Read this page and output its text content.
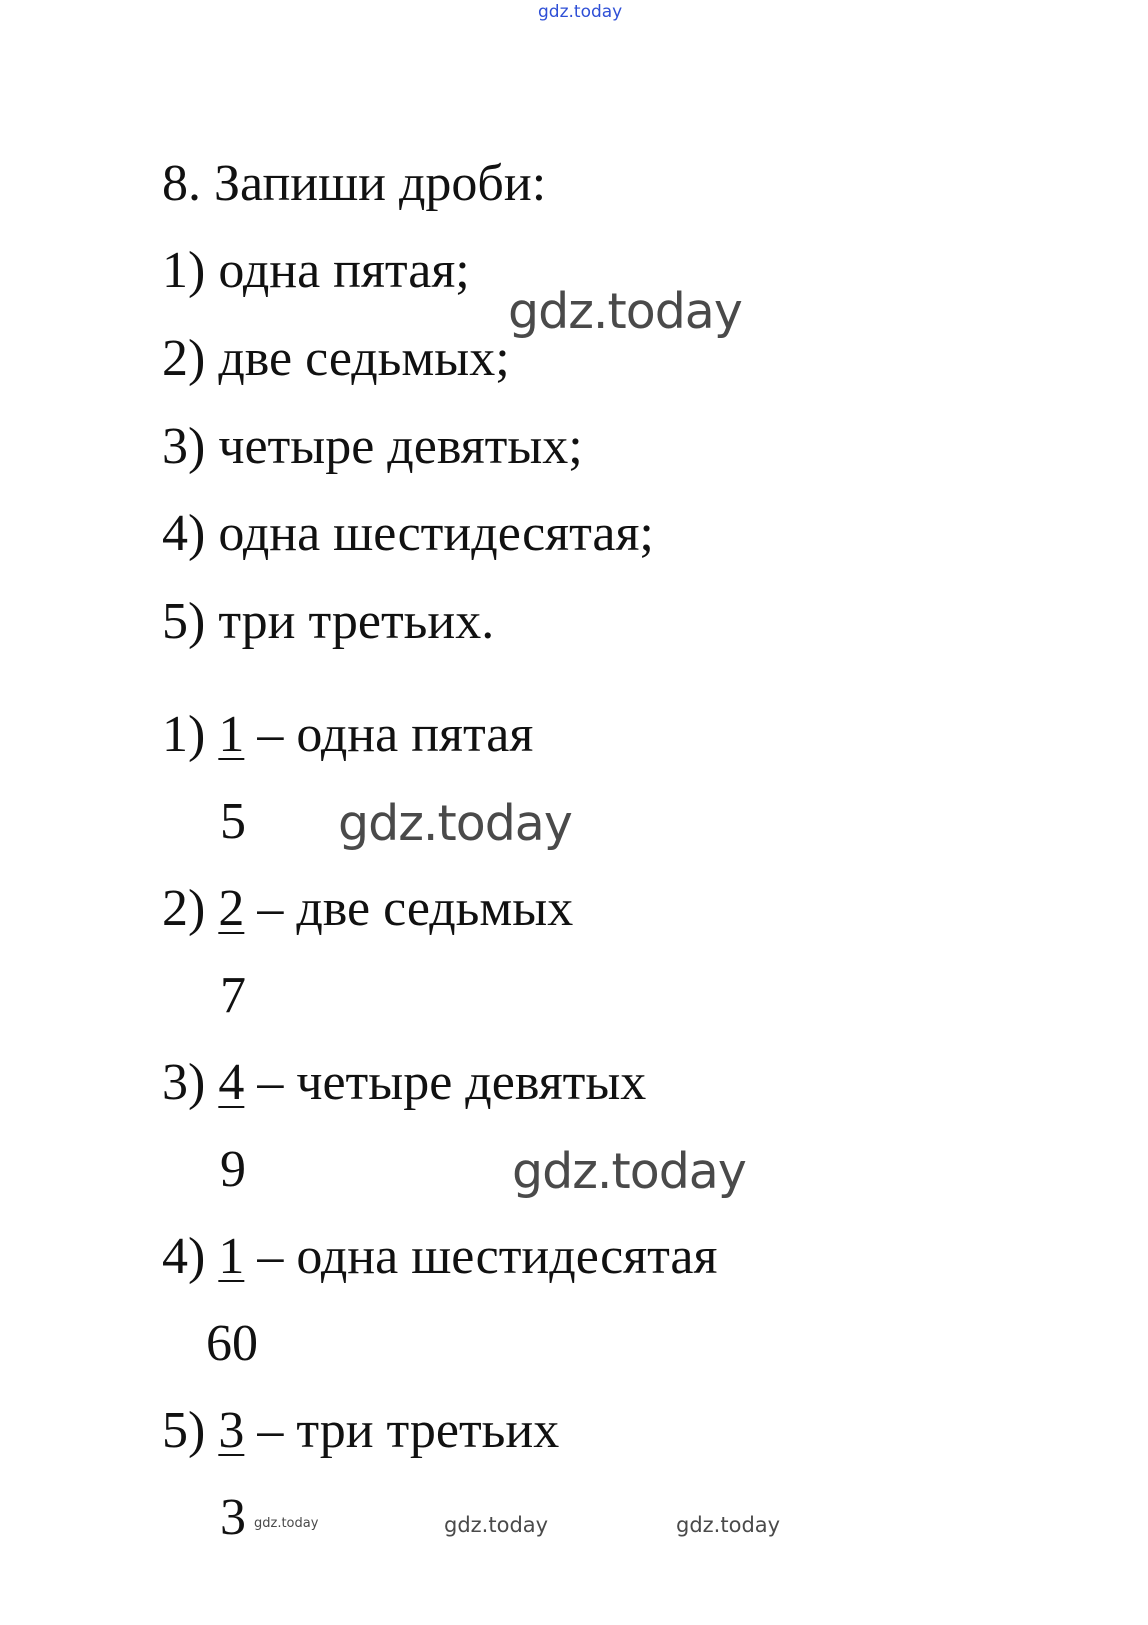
gdz.today
gdz.today
gdz.today
gdz.today
gdz.today	gdz.today	gdz.today
8. Запиши дроби:
1) одна пятая;
2) две седьмых;
3) четыре девятых;
4) одна шестидесятая;
5) три третьих.
1) 1 – одна пятая
5
2) 2 – две седьмых
7
3) 4 – четыре девятых
9
4) 1 – одна шестидесятая
60
5) 3 – три третьих
3
